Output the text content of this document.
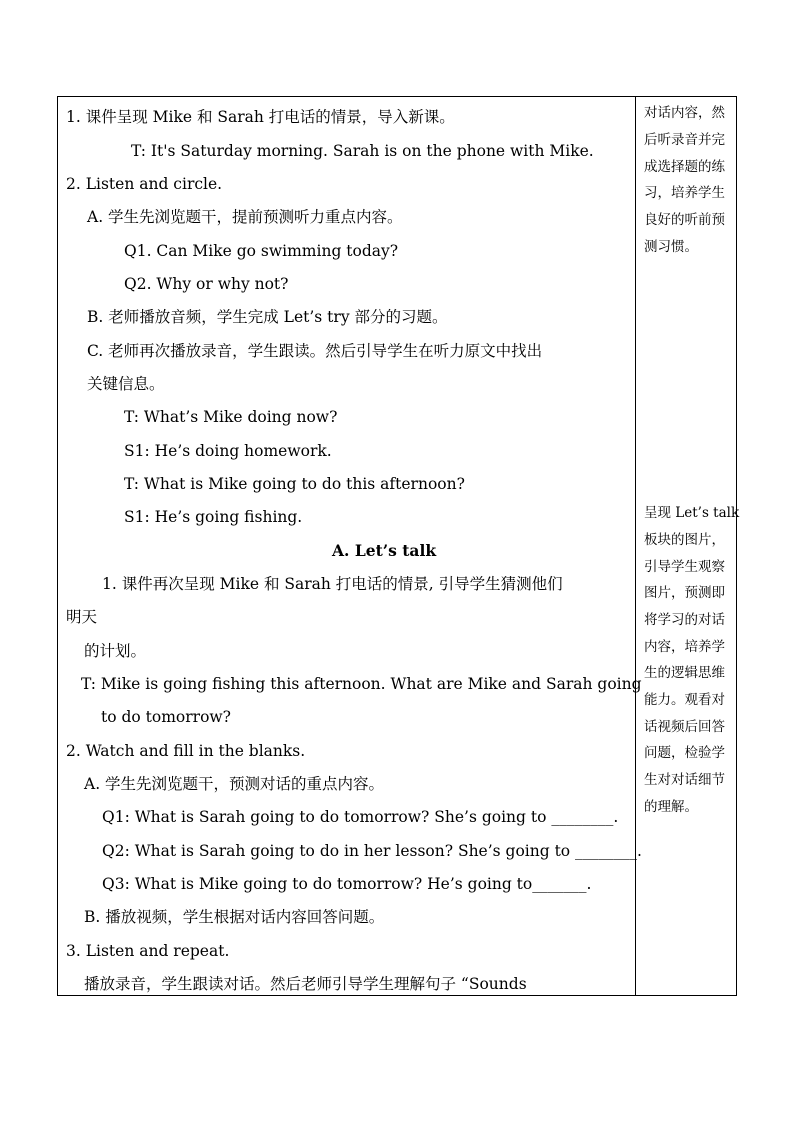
1. 课件呈现 Mike 和 Sarah 打电话的情景，导入新课。
T: It's Saturday morning. Sarah is on the phone with Mike.
2. Listen and circle.
A. 学生先浏览题干，提前预测听力重点内容。
Q1. Can Mike go swimming today?
Q2. Why or why not?
B. 老师播放音频，学生完成 Let’s try 部分的习题。
C. 老师再次播放录音，学生跟读。然后引导学生在听力原文中找出
关键信息。
T: What’s Mike doing now?
S1: He’s doing homework.
T: What is Mike going to do this afternoon?
S1: He’s going fishing.
A. Let’s talk
1. 课件再次呈现 Mike 和 Sarah 打电话的情景, 引导学生猜测他们
明天
的计划。
T: Mike is going fishing this afternoon. What are Mike and Sarah going
to do tomorrow?
2. Watch and fill in the blanks.
A. 学生先浏览题干，预测对话的重点内容。
Q1: What is Sarah going to do tomorrow? She’s going to ________.
Q2: What is Sarah going to do in her lesson? She’s going to ________.
Q3: What is Mike going to do tomorrow? He’s going to_______.
B. 播放视频，学生根据对话内容回答问题。
3. Listen and repeat.
播放录音，学生跟读对话。然后老师引导学生理解句子 “Sounds
对话内容，然
后听录音并完
成选择题的练
习，培养学生
良好的听前预
测习惯。
呈现 Let’s talk
板块的图片，
引导学生观察
图片，预测即
将学习的对话
内容，培养学
生的逻辑思维
能力。观看对
话视频后回答
问题，检验学
生对对话细节
的理解。
